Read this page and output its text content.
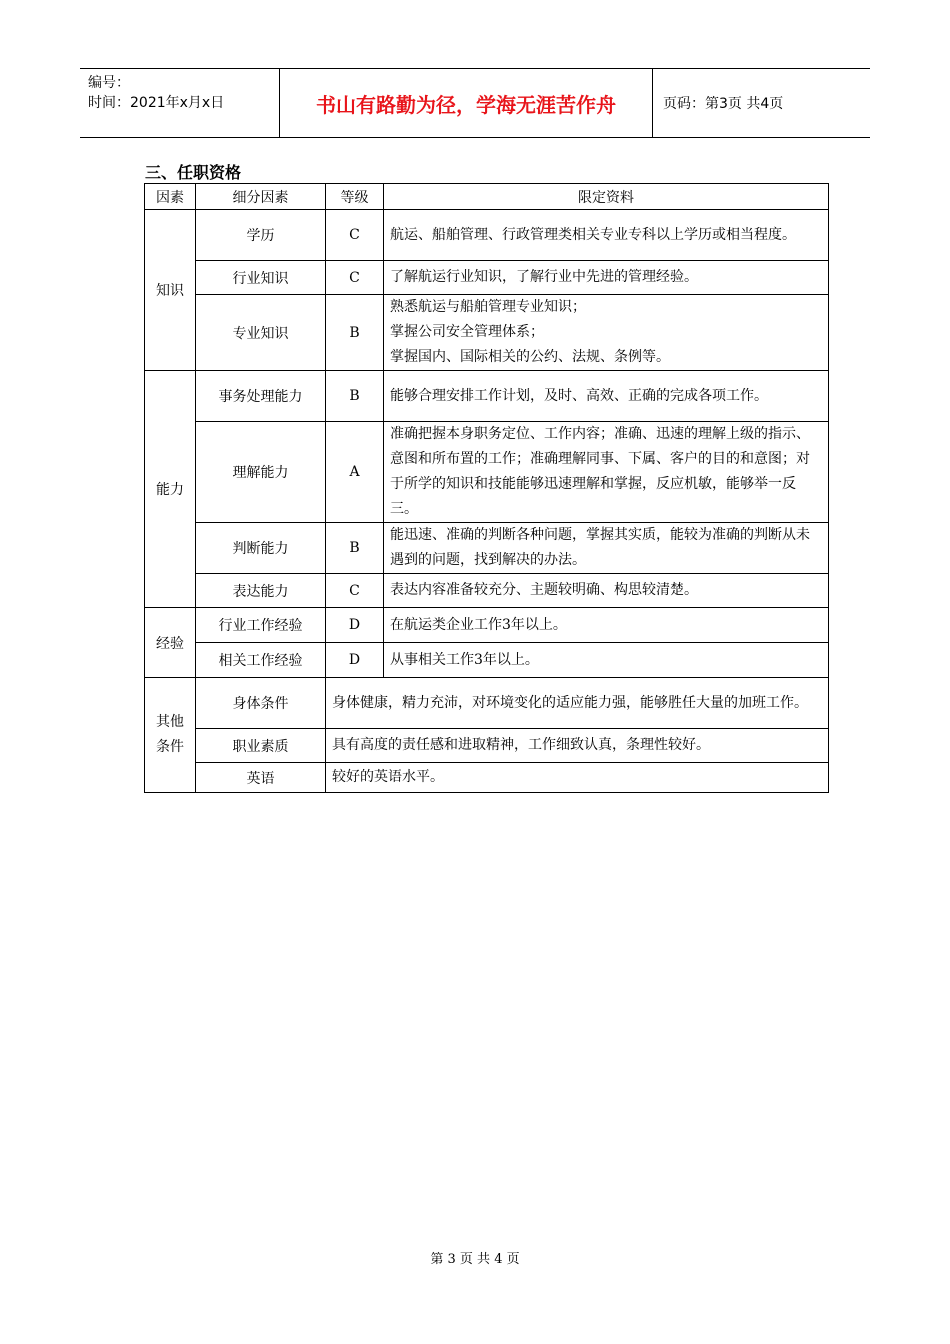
编号：
时间：2021年x月x日	书山有路勤为径，学海无涯苦作舟	页码：第3页 共4页
三、任职资格
因素	细分因素	等级	限定资料
知识	学历	C	航运、船舶管理、行政管理类相关专业专科以上学历或相当程度。
	行业知识	C	了解航运行业知识，了解行业中先进的管理经验。
	专业知识	B	熟悉航运与船舶管理专业知识；
掌握公司安全管理体系；
掌握国内、国际相关的公约、法规、条例等。

能力	事务处理能力	B	能够合理安排工作计划，及时、高效、正确的完成各项工作。
	理解能力	A	准确把握本身职务定位、工作内容；准确、迅速的理解上级的指示、意图和所布置的工作；准确理解同事、下属、客户的目的和意图；对于所学的知识和技能能够迅速理解和掌握，反应机敏，能够举一反三。
	判断能力	B	能迅速、准确的判断各种问题，掌握其实质，能较为准确的判断从未遇到的问题，找到解决的办法。
	表达能力	C	表达内容准备较充分、主题较明确、构思较清楚。
经验	行业工作经验	D	在航运类企业工作3年以上。
	相关工作经验	D	从事相关工作3年以上。
其他
条件	身体条件	身体健康，精力充沛，对环境变化的适应能力强，能够胜任大量的加班工作。	
	职业素质	具有高度的责任感和进取精神，工作细致认真，条理性较好。	
	英语	较好的英语水平。	
第 3 页 共 4 页
